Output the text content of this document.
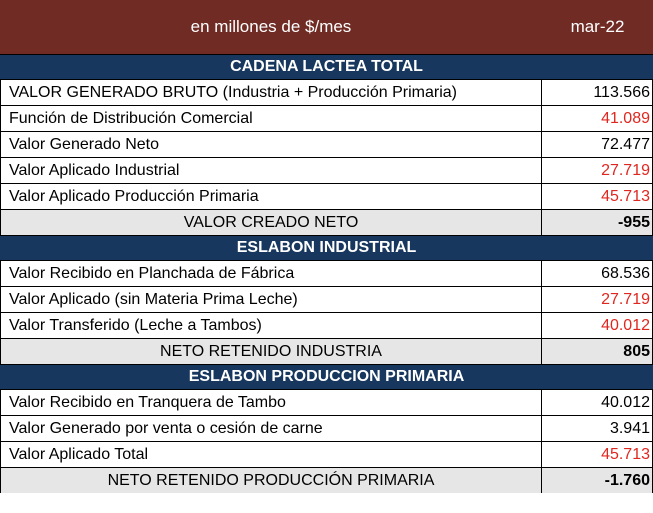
en millones de $/mes	mar-22
CADENA LACTEA TOTAL
VALOR GENERADO BRUTO (Industria + Producción Primaria)	113.566
Función de Distribución Comercial	41.089
Valor Generado Neto	72.477
Valor Aplicado Industrial	27.719
Valor Aplicado Producción Primaria	45.713
VALOR CREADO NETO	-955
ESLABON INDUSTRIAL
Valor Recibido en Planchada de Fábrica	68.536
Valor Aplicado (sin Materia Prima Leche)	27.719
Valor Transferido (Leche a Tambos)	40.012
NETO RETENIDO INDUSTRIA	805
ESLABON PRODUCCION PRIMARIA
Valor Recibido en Tranquera de Tambo	40.012
Valor Generado por venta o cesión de carne	3.941
Valor Aplicado Total	45.713
NETO RETENIDO PRODUCCIÓN PRIMARIA	-1.760
